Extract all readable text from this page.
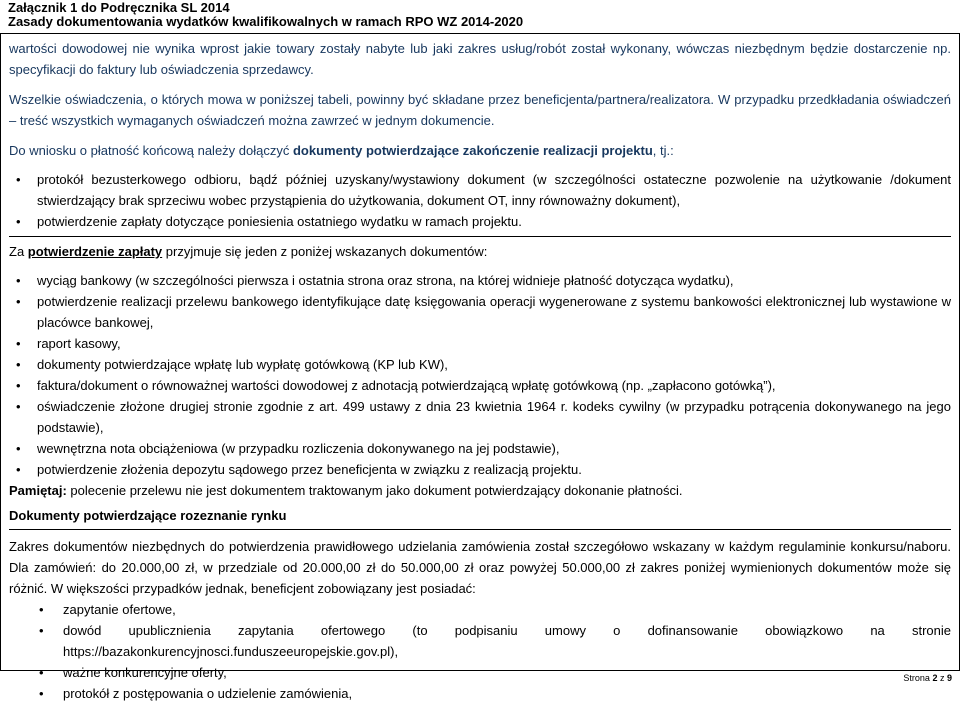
Załącznik 1 do Podręcznika SL 2014
Zasady dokumentowania wydatków kwalifikowalnych w ramach RPO WZ 2014-2020

wartości dowodowej nie wynika wprost jakie towary zostały nabyte lub jaki zakres usług/robót został wykonany, wówczas niezbędnym będzie dostarczenie np. specyfikacji do faktury lub oświadczenia sprzedawcy.

Wszelkie oświadczenia, o których mowa w poniższej tabeli, powinny być składane przez beneficjenta/partnera/realizatora. W przypadku przedkładania oświadczeń – treść wszystkich wymaganych oświadczeń można zawrzeć w jednym dokumencie.

Do wniosku o płatność końcową należy dołączyć dokumenty potwierdzające zakończenie realizacji projektu, tj.:

• protokół bezusterkowego odbioru, bądź później uzyskany/wystawiony dokument (w szczególności ostateczne pozwolenie na użytkowanie /dokument stwierdzający brak sprzeciwu wobec przystąpienia do użytkowania, dokument OT, inny równoważny dokument),
• potwierdzenie zapłaty dotyczące poniesienia ostatniego wydatku w ramach projektu.

Za potwierdzenie zapłaty przyjmuje się jeden z poniżej wskazanych dokumentów:

• wyciąg bankowy (w szczególności pierwsza i ostatnia strona oraz strona, na której widnieje płatność dotycząca wydatku),
• potwierdzenie realizacji przelewu bankowego identyfikujące datę księgowania operacji wygenerowane z systemu bankowości elektronicznej lub wystawione w placówce bankowej,
• raport kasowy,
• dokumenty potwierdzające wpłatę lub wypłatę gotówkową (KP lub KW),
• faktura/dokument o równoważnej wartości dowodowej z adnotacją potwierdzającą wpłatę gotówkową (np. „zapłacono gotówką”),
• oświadczenie złożone drugiej stronie zgodnie z art. 499 ustawy z dnia 23 kwietnia 1964 r. kodeks cywilny (w przypadku potrącenia dokonywanego na jego podstawie),
• wewnętrzna nota obciążeniowa (w przypadku rozliczenia dokonywanego na jej podstawie),
• potwierdzenie złożenia depozytu sądowego przez beneficjenta w związku z realizacją projektu.

Pamiętaj: polecenie przelewu nie jest dokumentem traktowanym jako dokument potwierdzający dokonanie płatności.

Dokumenty potwierdzające rozeznanie rynku

Zakres dokumentów niezbędnych do potwierdzenia prawidłowego udzielania zamówienia został szczegółowo wskazany w każdym regulaminie konkursu/naboru. Dla zamówień: do 20.000,00 zł, w przedziale od 20.000,00 zł do 50.000,00 zł oraz powyżej 50.000,00 zł zakres poniżej wymienionych dokumentów może się różnić. W większości przypadków jednak, beneficjent zobowiązany jest posiadać:

• zapytanie ofertowe,
• dowód upublicznienia zapytania ofertowego (to podpisaniu umowy o dofinansowanie obowiązkowo na stronie https://bazakonkurencyjnosci.funduszeeuropejskie.gov.pl),
• ważne konkurencyjne oferty,
• protokół z postępowania o udzielenie zamówienia,
Strona 2 z 9
